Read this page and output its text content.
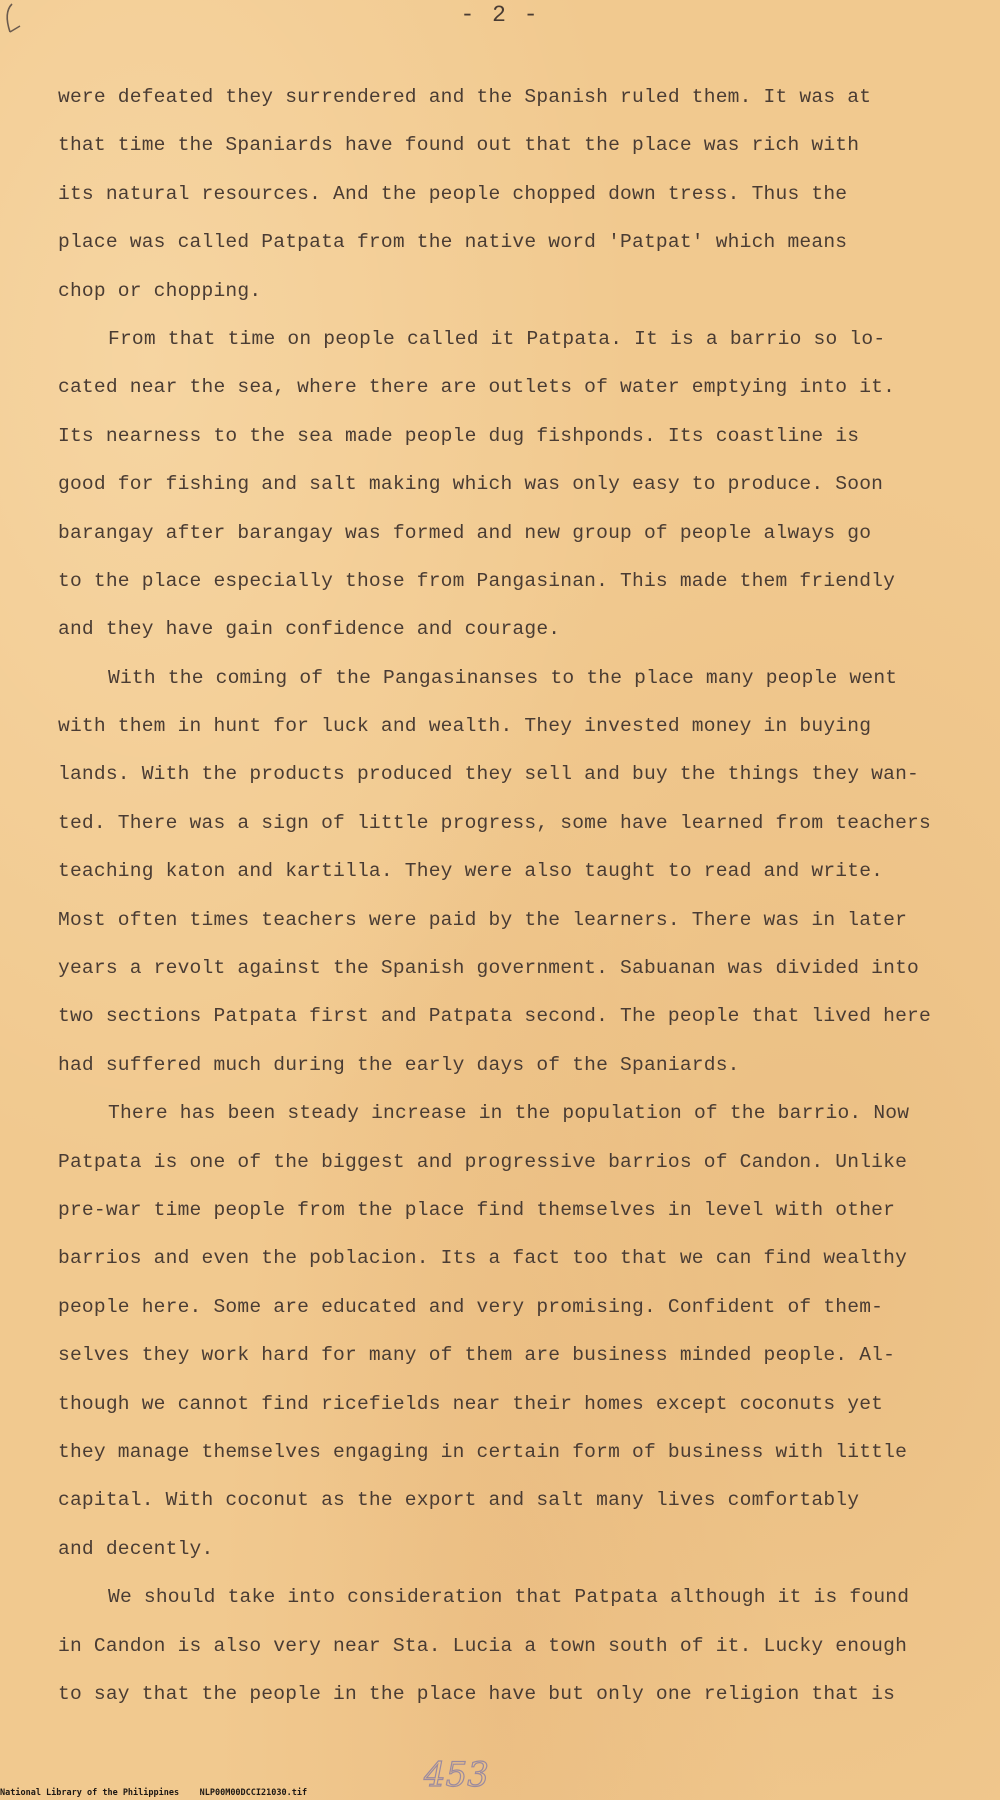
- 2 -
were defeated they surrendered and the Spanish ruled them. It was at
that time the Spaniards have found out that the place was rich with
its natural resources. And the people chopped down tress. Thus the
place was called Patpata from the native word 'Patpat' which means
chop or chopping.
From that time on people called it Patpata. It is a barrio so lo-
cated near the sea, where there are outlets of water emptying into it.
Its nearness to the sea made people dug fishponds. Its coastline is
good for fishing and salt making which was only easy to produce. Soon
barangay after barangay was formed and new group of people always go
to the place especially those from Pangasinan. This made them friendly
and they have gain confidence and courage.
With the coming of the Pangasinanses to the place many people went
with them in hunt for luck and wealth. They invested money in buying
lands. With the products produced they sell and buy the things they wan-
ted. There was a sign of little progress, some have learned from teachers
teaching katon and kartilla. They were also taught to read and write.
Most often times teachers were paid by the learners. There was in later
years a revolt against the Spanish government. Sabuanan was divided into
two sections Patpata first and Patpata second. The people that lived here
had suffered much during the early days of the Spaniards.
There has been steady increase in the population of the barrio. Now
Patpata is one of the biggest and progressive barrios of Candon. Unlike
pre-war time people from the place find themselves in level with other
barrios and even the poblacion. Its a fact too that we can find wealthy
people here. Some are educated and very promising. Confident of them-
selves they work hard for many of them are business minded people. Al-
though we cannot find ricefields near their homes except coconuts yet
they manage themselves engaging in certain form of business with little
capital. With coconut as the export and salt many lives comfortably
and decently.
We should take into consideration that Patpata although it is found
in Candon is also very near Sta. Lucia a town south of it. Lucky enough
to say that the people in the place have but only one religion that is
453
National Library of the Philippines NLP00M00DCCI21030.tif
